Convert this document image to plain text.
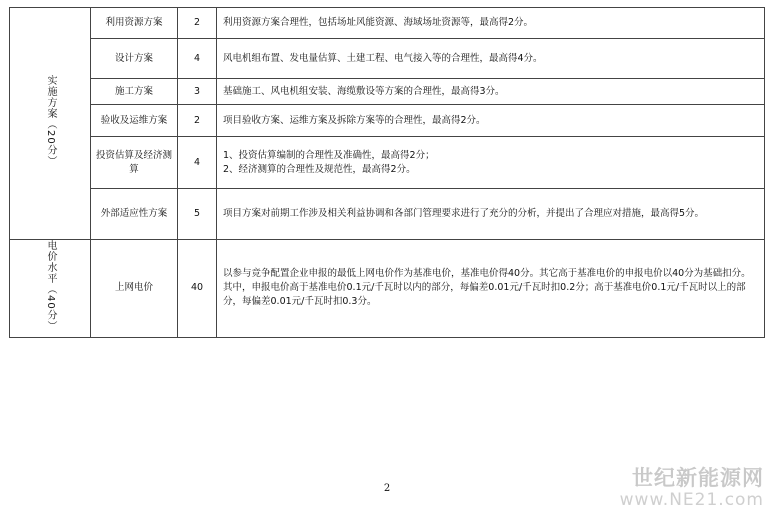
实施方案（20分）	利用资源方案	2	利用资源方案合理性，包括场址风能资源、海域场址资源等，最高得2分。

	设计方案	4	风电机组布置、发电量估算、土建工程、电气接入等的合理性，最高得4分。

	施工方案	3	基础施工、风电机组安装、海缆敷设等方案的合理性，最高得3分。

	验收及运维方案	2	项目验收方案、运维方案及拆除方案等的合理性，最高得2分。

	投资估算及经济测算	4	1、投资估算编制的合理性及准确性，最高得2分；
2、经济测算的合理性及规范性，最高得2分。

	外部适应性方案	5	项目方案对前期工作涉及相关利益协调和各部门管理要求进行了充分的分析，并提出了合理应对措施，最高得5分。

电价水平（40分）	上网电价	40	以参与竞争配置企业申报的最低上网电价作为基准电价，基准电价得40分。其它高于基准电价的申报电价以40分为基础扣分。其中，申报电价高于基准电价0.1元/千瓦时以内的部分，每偏差0.01元/千瓦时扣0.2分；高于基准电价0.1元/千瓦时以上的部分，每偏差0.01元/千瓦时扣0.3分。
2	世纪新能源网
www.NE21.com
